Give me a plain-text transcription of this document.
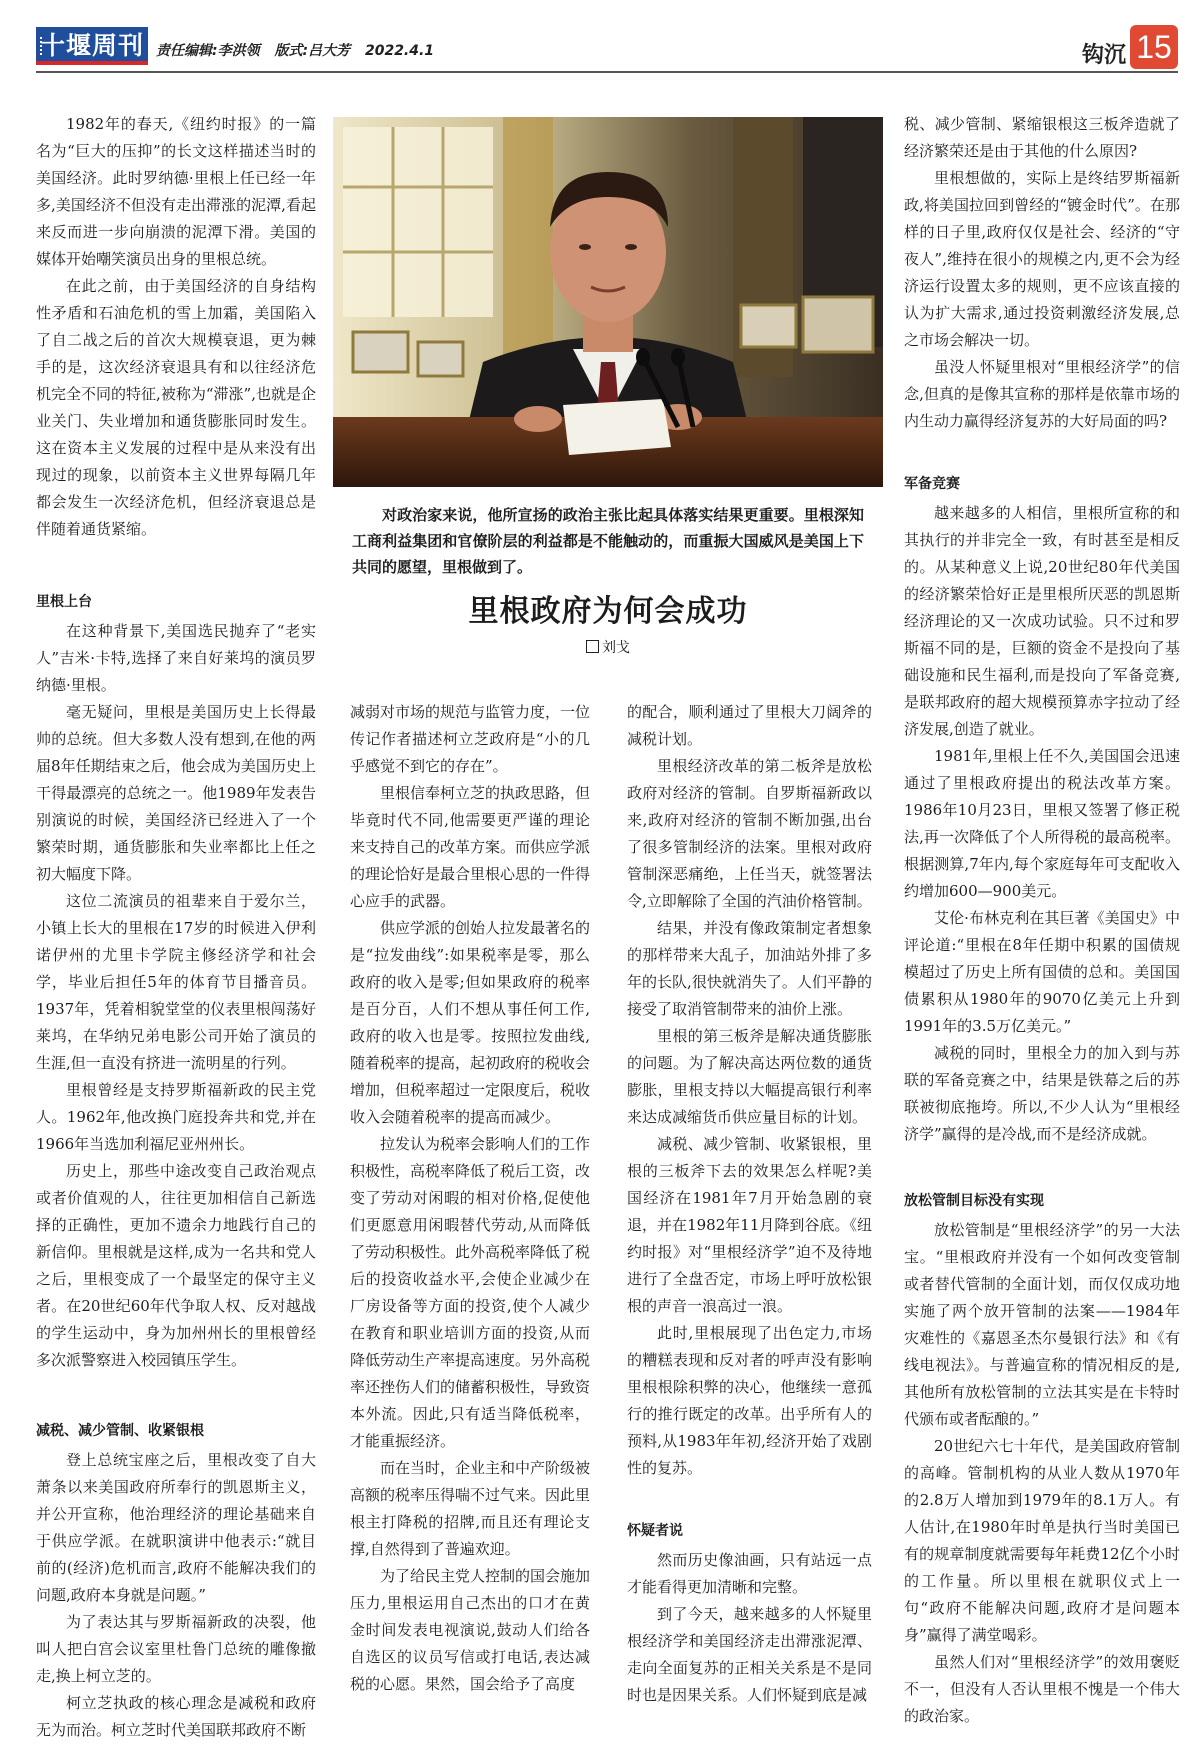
十堰周刊 责任编辑:李洪领 版式:吕大芳 2022.4.1	钩沉 15

1982年的春天,《纽约时报》的一篇名为“巨大的压抑”的长文这样描述当时的美国经济。此时罗纳德·里根上任已经一年多,美国经济不但没有走出滞涨的泥潭,看起来反而进一步向崩溃的泥潭下滑。美国的媒体开始嘲笑演员出身的里根总统。

在此之前，由于美国经济的自身结构性矛盾和石油危机的雪上加霜，美国陷入了自二战之后的首次大规模衰退，更为棘手的是，这次经济衰退具有和以往经济危机完全不同的特征,被称为“滞涨”,也就是企业关门、失业增加和通货膨胀同时发生。这在资本主义发展的过程中是从来没有出现过的现象，以前资本主义世界每隔几年都会发生一次经济危机，但经济衰退总是伴随着通货紧缩。

里根上台

在这种背景下,美国选民抛弃了“老实人”吉米·卡特,选择了来自好莱坞的演员罗纳德·里根。

毫无疑问，里根是美国历史上长得最帅的总统。但大多数人没有想到,在他的两届8年任期结束之后，他会成为美国历史上干得最漂亮的总统之一。他1989年发表告别演说的时候，美国经济已经进入了一个繁荣时期，通货膨胀和失业率都比上任之初大幅度下降。

这位二流演员的祖辈来自于爱尔兰，小镇上长大的里根在17岁的时候进入伊利诺伊州的尤里卡学院主修经济学和社会学，毕业后担任5年的体育节目播音员。1937年，凭着相貌堂堂的仪表里根闯荡好莱坞，在华纳兄弟电影公司开始了演员的生涯,但一直没有挤进一流明星的行列。

里根曾经是支持罗斯福新政的民主党人。1962年,他改换门庭投奔共和党,并在1966年当选加利福尼亚州州长。

历史上，那些中途改变自己政治观点或者价值观的人，往往更加相信自己新选择的正确性，更加不遗余力地践行自己的新信仰。里根就是这样,成为一名共和党人之后，里根变成了一个最坚定的保守主义者。在20世纪60年代争取人权、反对越战的学生运动中，身为加州州长的里根曾经多次派警察进入校园镇压学生。

减税、减少管制、收紧银根

登上总统宝座之后，里根改变了自大萧条以来美国政府所奉行的凯恩斯主义，并公开宣称，他治理经济的理论基础来自于供应学派。在就职演讲中他表示:“就目前的(经济)危机而言,政府不能解决我们的问题,政府本身就是问题。”

为了表达其与罗斯福新政的决裂，他叫人把白宫会议室里杜鲁门总统的雕像撤走,换上柯立芝的。

柯立芝执政的核心理念是减税和政府无为而治。柯立芝时代美国联邦政府不断

对政治家来说，他所宣扬的政治主张比起具体落实结果更重要。里根深知工商利益集团和官僚阶层的利益都是不能触动的，而重振大国威风是美国上下共同的愿望，里根做到了。
里根政府为何会成功
刘戈

减弱对市场的规范与监管力度，一位传记作者描述柯立芝政府是“小的几乎感觉不到它的存在”。

里根信奉柯立芝的执政思路，但毕竟时代不同,他需要更严谨的理论来支持自己的改革方案。而供应学派的理论恰好是最合里根心思的一件得心应手的武器。

供应学派的创始人拉发最著名的是“拉发曲线”:如果税率是零，那么政府的收入是零;但如果政府的税率是百分百，人们不想从事任何工作,政府的收入也是零。按照拉发曲线,随着税率的提高，起初政府的税收会增加，但税率超过一定限度后，税收收入会随着税率的提高而减少。

拉发认为税率会影响人们的工作积极性，高税率降低了税后工资，改变了劳动对闲暇的相对价格,促使他们更愿意用闲暇替代劳动,从而降低了劳动积极性。此外高税率降低了税后的投资收益水平,会使企业减少在厂房设备等方面的投资,使个人减少在教育和职业培训方面的投资,从而降低劳动生产率提高速度。另外高税率还挫伤人们的储蓄积极性，导致资本外流。因此,只有适当降低税率，才能重振经济。

而在当时，企业主和中产阶级被高额的税率压得喘不过气来。因此里根主打降税的招牌,而且还有理论支撑,自然得到了普遍欢迎。

为了给民主党人控制的国会施加压力,里根运用自己杰出的口才在黄金时间发表电视演说,鼓动人们给各自选区的议员写信或打电话,表达减税的心愿。果然，国会给予了高度

的配合，顺利通过了里根大刀阔斧的减税计划。

里根经济改革的第二板斧是放松政府对经济的管制。自罗斯福新政以来,政府对经济的管制不断加强,出台了很多管制经济的法案。里根对政府管制深恶痛绝，上任当天，就签署法令,立即解除了全国的汽油价格管制。

结果，并没有像政策制定者想象的那样带来大乱子，加油站外排了多年的长队,很快就消失了。人们平静的接受了取消管制带来的油价上涨。

里根的第三板斧是解决通货膨胀的问题。为了解决高达两位数的通货膨胀，里根支持以大幅提高银行利率来达成减缩货币供应量目标的计划。

减税、减少管制、收紧银根，里根的三板斧下去的效果怎么样呢?美国经济在1981年7月开始急剧的衰退，并在1982年11月降到谷底。《纽约时报》对“里根经济学”迫不及待地进行了全盘否定，市场上呼吁放松银根的声音一浪高过一浪。

此时,里根展现了出色定力,市场的糟糕表现和反对者的呼声没有影响里根根除积弊的决心，他继续一意孤行的推行既定的改革。出乎所有人的预料,从1983年年初,经济开始了戏剧性的复苏。

怀疑者说

然而历史像油画，只有站远一点才能看得更加清晰和完整。

到了今天，越来越多的人怀疑里根经济学和美国经济走出滞涨泥潭、走向全面复苏的正相关关系是不是同时也是因果关系。人们怀疑到底是减

税、减少管制、紧缩银根这三板斧造就了经济繁荣还是由于其他的什么原因?

里根想做的，实际上是终结罗斯福新政,将美国拉回到曾经的“镀金时代”。在那样的日子里,政府仅仅是社会、经济的“守夜人”,维持在很小的规模之内,更不会为经济运行设置太多的规则，更不应该直接的认为扩大需求,通过投资刺激经济发展,总之市场会解决一切。

虽没人怀疑里根对“里根经济学”的信念,但真的是像其宣称的那样是依靠市场的内生动力赢得经济复苏的大好局面的吗?

军备竞赛

越来越多的人相信，里根所宣称的和其执行的并非完全一致，有时甚至是相反的。从某种意义上说,20世纪80年代美国的经济繁荣恰好正是里根所厌恶的凯恩斯经济理论的又一次成功试验。只不过和罗斯福不同的是，巨额的资金不是投向了基础设施和民生福利,而是投向了军备竞赛,是联邦政府的超大规模预算赤字拉动了经济发展,创造了就业。

1981年,里根上任不久,美国国会迅速通过了里根政府提出的税法改革方案。1986年10月23日，里根又签署了修正税法,再一次降低了个人所得税的最高税率。根据测算,7年内,每个家庭每年可支配收入约增加600—900美元。

艾伦·布林克利在其巨著《美国史》中评论道:“里根在8年任期中积累的国债规模超过了历史上所有国债的总和。美国国债累积从1980年的9070亿美元上升到1991年的3.5万亿美元。”

减税的同时，里根全力的加入到与苏联的军备竞赛之中，结果是铁幕之后的苏联被彻底拖垮。所以,不少人认为“里根经济学”赢得的是冷战,而不是经济成就。

放松管制目标没有实现

放松管制是“里根经济学”的另一大法宝。“里根政府并没有一个如何改变管制或者替代管制的全面计划，而仅仅成功地实施了两个放开管制的法案——1984年灾难性的《嘉恩圣杰尔曼银行法》和《有线电视法》。与普遍宣称的情况相反的是,其他所有放松管制的立法其实是在卡特时代颁布或者酝酿的。”

20世纪六七十年代，是美国政府管制的高峰。管制机构的从业人数从1970年的2.8万人增加到1979年的8.1万人。有人估计,在1980年时单是执行当时美国已有的规章制度就需要每年耗费12亿个小时的工作量。所以里根在就职仪式上一句“政府不能解决问题,政府才是问题本身”赢得了满堂喝彩。

虽然人们对“里根经济学”的效用褒贬不一，但没有人否认里根不愧是一个伟大的政治家。
